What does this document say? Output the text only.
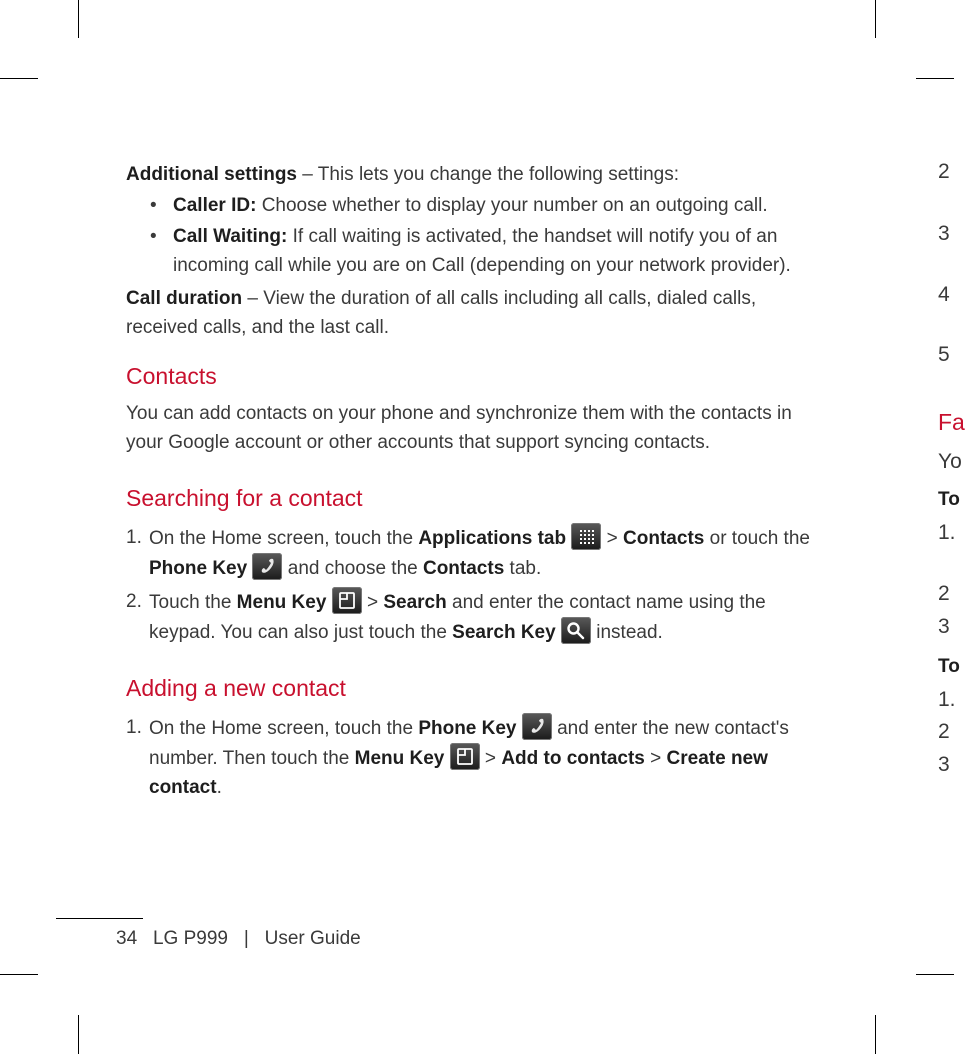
Additional settings – This lets you change the following settings:

• Caller ID: Choose whether to display your number on an outgoing call.
• Call Waiting: If call waiting is activated, the handset will notify you of an incoming call while you are on Call (depending on your network provider).

Call duration – View the duration of all calls including all calls, dialed calls, received calls, and the last call.

Contacts

You can add contacts on your phone and synchronize them with the contacts in your Google account or other accounts that support syncing contacts.

Searching for a contact
1. On the Home screen, touch the Applications tab
> Contacts or touch the Phone Key
and choose the Contacts tab.
2. Touch the Menu Key
> Search and enter the contact name using the keypad. You can also just touch the Search Key
instead.
Adding a new contact
1. On the Home screen, touch the Phone Key
and enter the new contact's number. Then touch the Menu Key
> Add to contacts > Create new contact.
34 LG P999 | User Guide
2
3
4
5
Fa
Yo
To
1.
2
3
To
1.
2
3
